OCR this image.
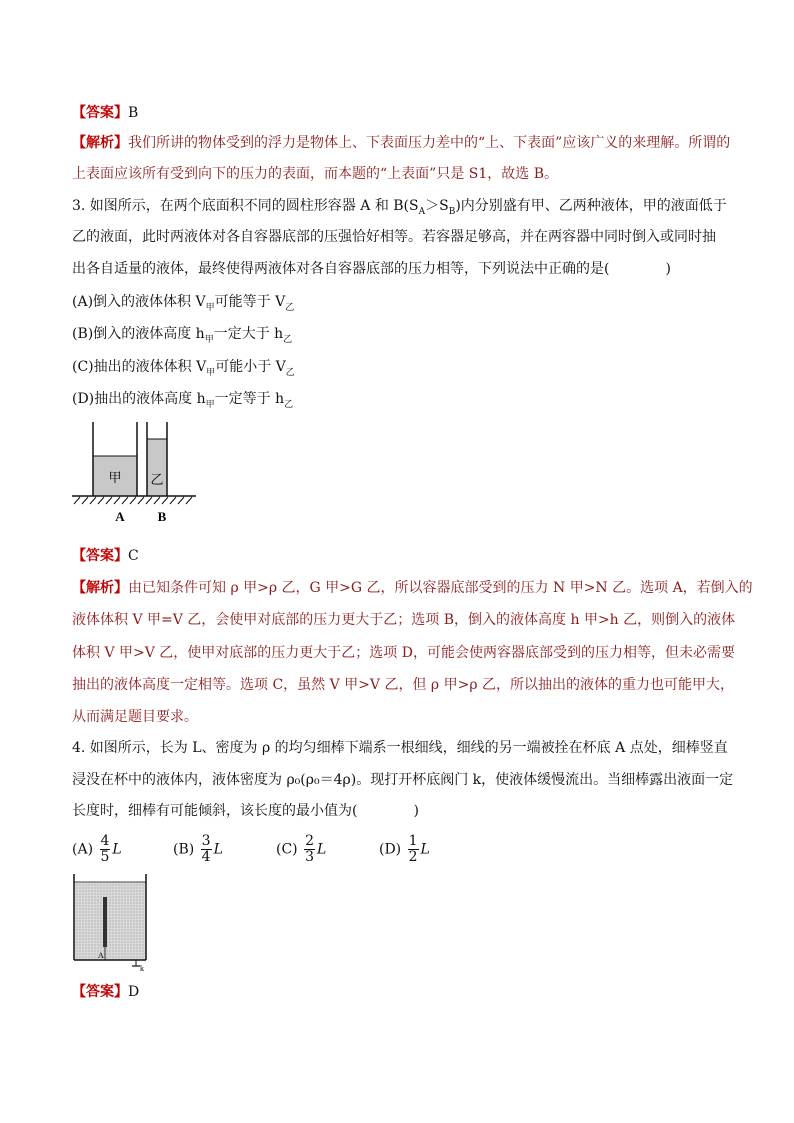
【答案】B
【解析】我们所讲的物体受到的浮力是物体上、下表面压力差中的“上、下表面”应该广义的来理解。所谓的
上表面应该所有受到向下的压力的表面，而本题的“上表面”只是 S1，故选 B。
3. 如图所示，在两个底面积不同的圆柱形容器 A 和 $B(S_A>S_B)$内分别盛有甲、乙两种液体，甲的液面低于
乙的液面，此时两液体对各自容器底部的压强恰好相等。若容器足够高，并在两容器中同时倒入或同时抽
出各自适量的液体，最终使得两液体对各自容器底部的压力相等，下列说法中正确的是(　　　　)
(A)倒入的液体体积 $V_甲$可能等于 $V_乙$
(B)倒入的液体高度 $h_甲$一定大于 $h_乙$
(C)抽出的液体体积 $V_甲$可能小于 $V_乙$
(D)抽出的液体高度 $h_甲$一定等于 $h_乙$
甲 乙
A	B
【答案】C
【解析】由已知条件可知 ρ 甲>ρ 乙，G 甲>G 乙，所以容器底部受到的压力 N 甲>N 乙。选项 A，若倒入的
液体体积 V 甲=V 乙，会使甲对底部的压力更大于乙；选项 B，倒入的液体高度 h 甲>h 乙，则倒入的液体
体积 V 甲>V 乙，使甲对底部的压力更大于乙；选项 D，可能会使两容器底部受到的压力相等，但未必需要
抽出的液体高度一定相等。选项 C，虽然 V 甲>V 乙，但 ρ 甲>ρ 乙，所以抽出的液体的重力也可能甲大，
从而满足题目要求。
4. 如图所示，长为 L、密度为 ρ 的均匀细棒下端系一根细线，细线的另一端被拴在杯底 A 点处，细棒竖直
浸没在杯中的液体内，液体密度为 ρ₀(ρ₀＝4ρ)。现打开杯底阀门 k，使液体缓慢流出。当细棒露出液面一定
长度时，细棒有可能倾斜，该长度的最小值为(　　　　)
$(A) \frac{4}{5}$ L	$(B) \frac{3}{4}$ L	$(C) \frac{2}{3}$ L	$(D) \frac{1}{2}$ L
A
k
【答案】D
